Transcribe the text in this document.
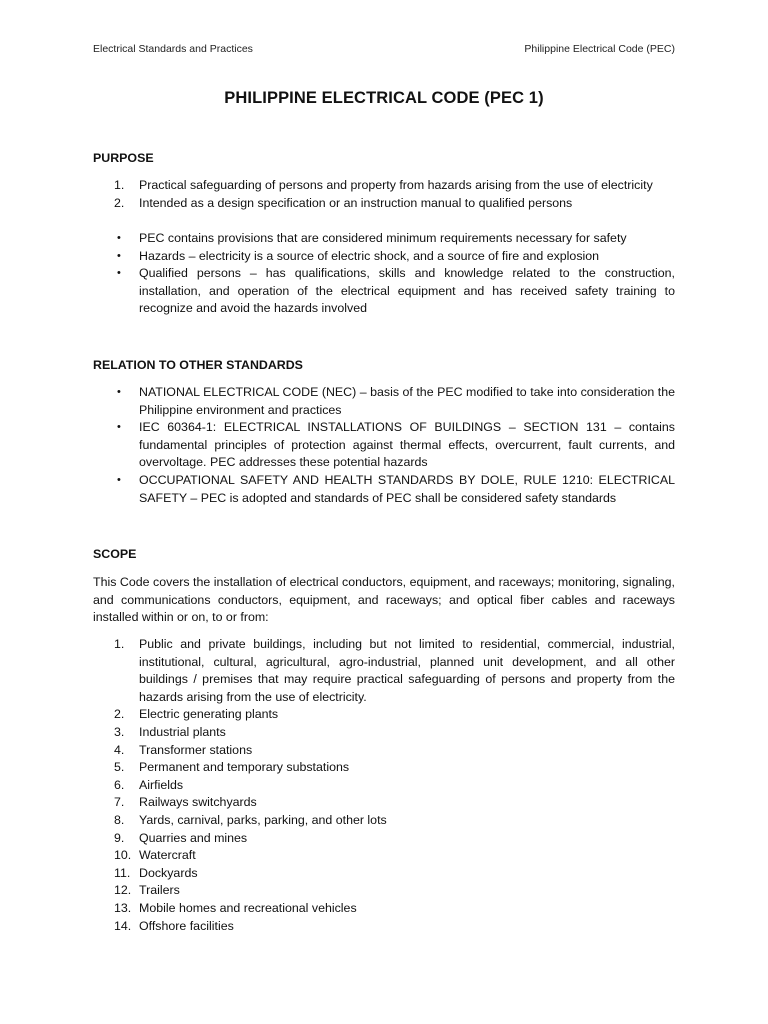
Electrical Standards and Practices	Philippine Electrical Code (PEC)
PHILIPPINE ELECTRICAL CODE (PEC 1)
PURPOSE
1.	Practical safeguarding of persons and property from hazards arising from the use of electricity
2.	Intended as a design specification or an instruction manual to qualified persons
•	PEC contains provisions that are considered minimum requirements necessary for safety
•	Hazards – electricity is a source of electric shock, and a source of fire and explosion
•	Qualified persons – has qualifications, skills and knowledge related to the construction, installation, and operation of the electrical equipment and has received safety training to recognize and avoid the hazards involved
RELATION TO OTHER STANDARDS
•	NATIONAL ELECTRICAL CODE (NEC) – basis of the PEC modified to take into consideration the Philippine environment and practices
•	IEC 60364-1: ELECTRICAL INSTALLATIONS OF BUILDINGS – SECTION 131 – contains fundamental principles of protection against thermal effects, overcurrent, fault currents, and overvoltage. PEC addresses these potential hazards
•	OCCUPATIONAL SAFETY AND HEALTH STANDARDS BY DOLE, RULE 1210: ELECTRICAL SAFETY – PEC is adopted and standards of PEC shall be considered safety standards
SCOPE
This Code covers the installation of electrical conductors, equipment, and raceways; monitoring, signaling, and communications conductors, equipment, and raceways; and optical fiber cables and raceways installed within or on, to or from:
1.	Public and private buildings, including but not limited to residential, commercial, industrial, institutional, cultural, agricultural, agro-industrial, planned unit development, and all other buildings / premises that may require practical safeguarding of persons and property from the hazards arising from the use of electricity.
2.	Electric generating plants
3.	Industrial plants
4.	Transformer stations
5.	Permanent and temporary substations
6.	Airfields
7.	Railways switchyards
8.	Yards, carnival, parks, parking, and other lots
9.	Quarries and mines
10. Watercraft
11. Dockyards
12. Trailers
13. Mobile homes and recreational vehicles
14. Offshore facilities
